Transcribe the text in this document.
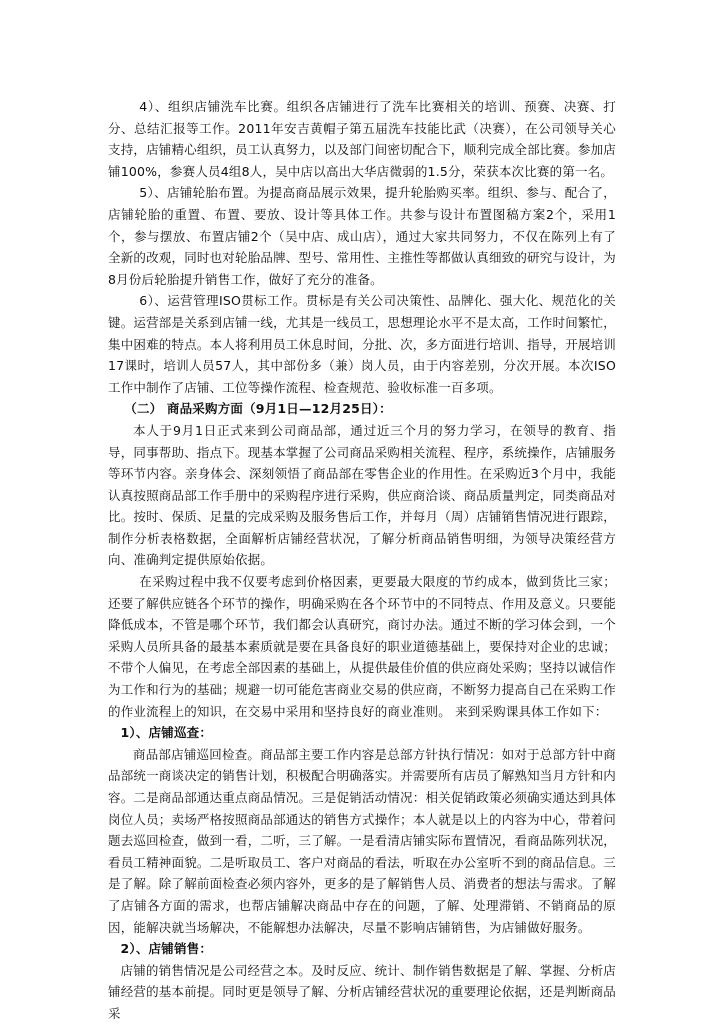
4）、组织店铺洗车比赛。组织各店铺进行了洗车比赛相关的培训、预赛、决赛、打分、总结汇报等工作。2011年安吉黄帽子第五届洗车技能比武（决赛），在公司领导关心支持，店铺精心组织，员工认真努力，以及部门间密切配合下，顺利完成全部比赛。参加店铺100%，参赛人员4组8人，吴中店以高出大华店微弱的1.5分，荣获本次比赛的第一名。

5）、店铺轮胎布置。为提高商品展示效果，提升轮胎购买率。组织、参与、配合了，店铺轮胎的重置、布置、要放、设计等具体工作。共参与设计布置图稿方案2个，采用1个，参与摆放、布置店铺2个（吴中店、成山店），通过大家共同努力，不仅在陈列上有了全新的改观，同时也对轮胎品牌、型号、常用性、主推性等都做认真细致的研究与设计，为8月份后轮胎提升销售工作，做好了充分的准备。

6）、运营管理ISO贯标工作。贯标是有关公司决策性、品牌化、强大化、规范化的关键。运营部是关系到店铺一线，尤其是一线员工，思想理论水平不是太高，工作时间繁忙，集中困难的特点。本人将利用员工休息时间，分批、次，多方面进行培训、指导，开展培训17课时，培训人员57人，其中部份多（兼）岗人员，由于内容差别，分次开展。本次ISO工作中制作了店铺、工位等操作流程、检查规范、验收标准一百多项。

（二） 商品采购方面（9月1日—12月25日）：

本人于9月1日正式来到公司商品部，通过近三个月的努力学习，在领导的教育、指导，同事帮助、指点下。现基本掌握了公司商品采购相关流程、程序，系统操作，店铺服务等环节内容。亲身体会、深刻领悟了商品部在零售企业的作用性。在采购近3个月中，我能认真按照商品部工作手册中的采购程序进行采购，供应商洽谈、商品质量判定，同类商品对比。按时、保质、足量的完成采购及服务售后工作，并每月（周）店铺销售情况进行跟踪，制作分析表格数据，全面解析店铺经营状况，了解分析商品销售明细，为领导决策经营方向、准确判定提供原始依据。

在采购过程中我不仅要考虑到价格因素，更要最大限度的节约成本，做到货比三家；还要了解供应链各个环节的操作，明确采购在各个环节中的不同特点、作用及意义。只要能降低成本，不管是哪个环节，我们都会认真研究，商讨办法。通过不断的学习体会到，一个采购人员所具备的最基本素质就是要在具备良好的职业道德基础上，要保持对企业的忠诚；不带个人偏见，在考虑全部因素的基础上，从提供最佳价值的供应商处采购；坚持以诚信作为工作和行为的基础；规避一切可能危害商业交易的供应商，不断努力提高自己在采购工作的作业流程上的知识，在交易中采用和坚持良好的商业准则。 来到采购课具体工作如下：

1）、店铺巡查：

商品部店铺巡回检查。商品部主要工作内容是总部方针执行情况：如对于总部方针中商品部统一商谈决定的销售计划，积极配合明确落实。并需要所有店员了解熟知当月方针和内容。二是商品部通达重点商品情况。三是促销活动情况：相关促销政策必须确实通达到具体岗位人员；卖场严格按照商品部通达的销售方式操作；本人就是以上的内容为中心，带着问题去巡回检查，做到一看，二听，三了解。一是看清店铺实际布置情况，看商品陈列状况，看员工精神面貌。二是听取员工、客户对商品的看法，听取在办公室听不到的商品信息。三是了解。除了解前面检查必须内容外，更多的是了解销售人员、消费者的想法与需求。了解了店铺各方面的需求，也帮店铺解决商品中存在的问题，了解、处理滞销、不销商品的原因，能解决就当场解决，不能解想办法解决，尽量不影响店铺销售，为店铺做好服务。

2）、店铺销售：

店铺的销售情况是公司经营之本。及时反应、统计、制作销售数据是了解、掌握、分析店铺经营的基本前提。同时更是领导了解、分析店铺经营状况的重要理论依据，还是判断商品采
